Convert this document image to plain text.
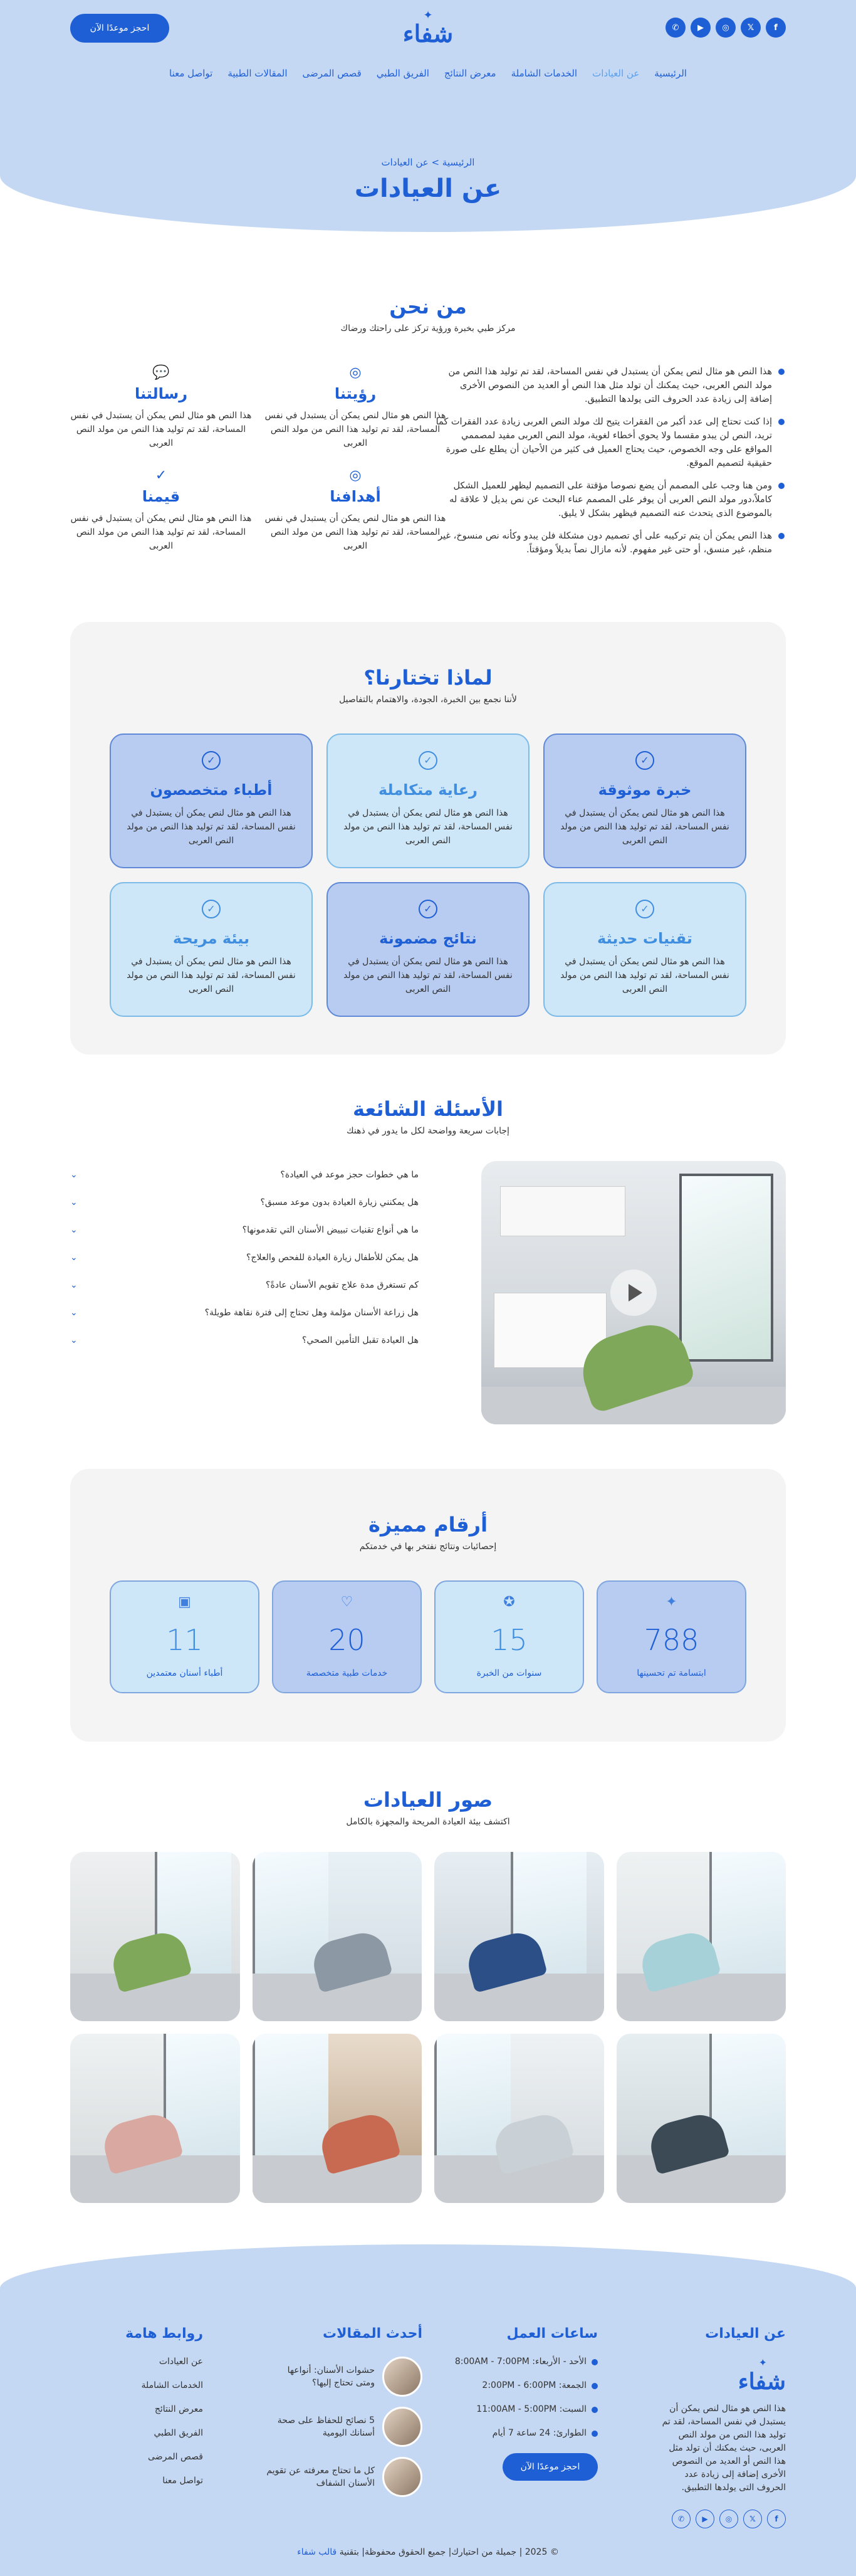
f
𝕏
◎
▶
✆
✦
شفاء
احجز موعدًا الآن
الرئيسية
عن العيادات
الخدمات الشاملة
معرض النتائج
الفريق الطبي
قصص المرضى
المقالات الطبية
تواصل معنا
الرئيسية > عن العيادات
عن العيادات
من نحن

مركز طبي بخبرة ورؤية تركز على راحتك ورضاك

هذا النص هو مثال لنص يمكن أن يستبدل في نفس المساحة، لقد تم توليد هذا النص من مولد النص العربى، حيث يمكنك أن تولد مثل هذا النص أو العديد من النصوص الأخرى إضافة إلى زيادة عدد الحروف التى يولدها التطبيق.
إذا كنت تحتاج إلى عدد أكبر من الفقرات يتيح لك مولد النص العربى زيادة عدد الفقرات كما تريد، النص لن يبدو مقسما ولا يحوي أخطاء لغوية، مولد النص العربى مفيد لمصممي المواقع على وجه الخصوص، حيث يحتاج العميل فى كثير من الأحيان أن يطلع على صورة حقيقية لتصميم الموقع.
ومن هنا وجب على المصمم أن يضع نصوصا مؤقتة على التصميم ليظهر للعميل الشكل كاملاً،دور مولد النص العربى أن يوفر على المصمم عناء البحث عن نص بديل لا علاقة له بالموضوع الذى يتحدث عنه التصميم فيظهر بشكل لا يليق.
هذا النص يمكن أن يتم تركيبه على أي تصميم دون مشكلة فلن يبدو وكأنه نص منسوخ، غير منظم، غير منسق، أو حتى غير مفهوم. لأنه مازال نصاً بديلاً ومؤقتاً.
◎
رؤيتنا

هذا النص هو مثال لنص يمكن أن يستبدل في نفس المساحة، لقد تم توليد هذا النص من مولد النص العربى

💬
رسالتنا

هذا النص هو مثال لنص يمكن أن يستبدل في نفس المساحة، لقد تم توليد هذا النص من مولد النص العربى

◎
أهدافنا

هذا النص هو مثال لنص يمكن أن يستبدل في نفس المساحة، لقد تم توليد هذا النص من مولد النص العربى

✓
قيمنا

هذا النص هو مثال لنص يمكن أن يستبدل في نفس المساحة، لقد تم توليد هذا النص من مولد النص العربى

لماذا تختارنا؟

لأننا نجمع بين الخبرة، الجودة، والاهتمام بالتفاصيل

✓
خبرة موثوقة

هذا النص هو مثال لنص يمكن أن يستبدل في نفس المساحة، لقد تم توليد هذا النص من مولد النص العربى

✓
رعاية متكاملة

هذا النص هو مثال لنص يمكن أن يستبدل في نفس المساحة، لقد تم توليد هذا النص من مولد النص العربى

✓
أطباء متخصصون

هذا النص هو مثال لنص يمكن أن يستبدل في نفس المساحة، لقد تم توليد هذا النص من مولد النص العربى

✓
تقنيات حديثة

هذا النص هو مثال لنص يمكن أن يستبدل في نفس المساحة، لقد تم توليد هذا النص من مولد النص العربى

✓
نتائج مضمونة

هذا النص هو مثال لنص يمكن أن يستبدل في نفس المساحة، لقد تم توليد هذا النص من مولد النص العربى

✓
بيئة مريحة

هذا النص هو مثال لنص يمكن أن يستبدل في نفس المساحة، لقد تم توليد هذا النص من مولد النص العربى

الأسئلة الشائعة

إجابات سريعة وواضحة لكل ما يدور في ذهنك

ما هي خطوات حجز موعد في العيادة؟
⌄
هل يمكنني زيارة العيادة بدون موعد مسبق؟
⌄
ما هي أنواع تقنيات تبييض الأسنان التي تقدمونها؟
⌄
هل يمكن للأطفال زيارة العيادة للفحص والعلاج؟
⌄
كم تستغرق مدة علاج تقويم الأسنان عادةً؟
⌄
هل زراعة الأسنان مؤلمة وهل تحتاج إلى فترة نقاهة طويلة؟
⌄
هل العيادة تقبل التأمين الصحي؟
⌄
أرقام مميزة

إحصائيات ونتائج نفتخر بها في خدمتكم

✦
788
ابتسامة تم تحسينها
✪
15
سنوات من الخبرة
♡
20
خدمات طبية متخصصة
▣
11
أطباء أسنان معتمدين
صور العيادات

اكتشف بيئة العيادة المريحة والمجهزة بالكامل

عن العيادات
✦
شفاء

هذا النص هو مثال لنص يمكن أن يستبدل في نفس المساحة، لقد تم توليد هذا النص من مولد النص العربى، حيث يمكنك أن تولد مثل هذا النص أو العديد من النصوص الأخرى إضافة إلى زيادة عدد الحروف التى يولدها التطبيق.

f
𝕏
◎
▶
✆
ساعات العمل
الأحد - الأربعاء: 8:00AM - 7:00PM
الجمعة: 2:00PM - 6:00PM
السبت: 11:00AM - 5:00PM
الطوارئ: 24 ساعة 7 أيام
احجز موعدًا الآن
أحدث المقالات
حشوات الأسنان: أنواعها ومتى تحتاج إليها؟
5 نصائح للحفاظ على صحة أسنانك اليومية
كل ما تحتاج معرفته عن تقويم الأسنان الشفاف
روابط هامة
عن العيادات
الخدمات الشاملة
معرض النتائج
الفريق الطبي
قصص المرضى
تواصل معنا
© 2025 | جميلة من احتيارك| جميع الحقوق محفوظة| بتقنية قالب شفاء
